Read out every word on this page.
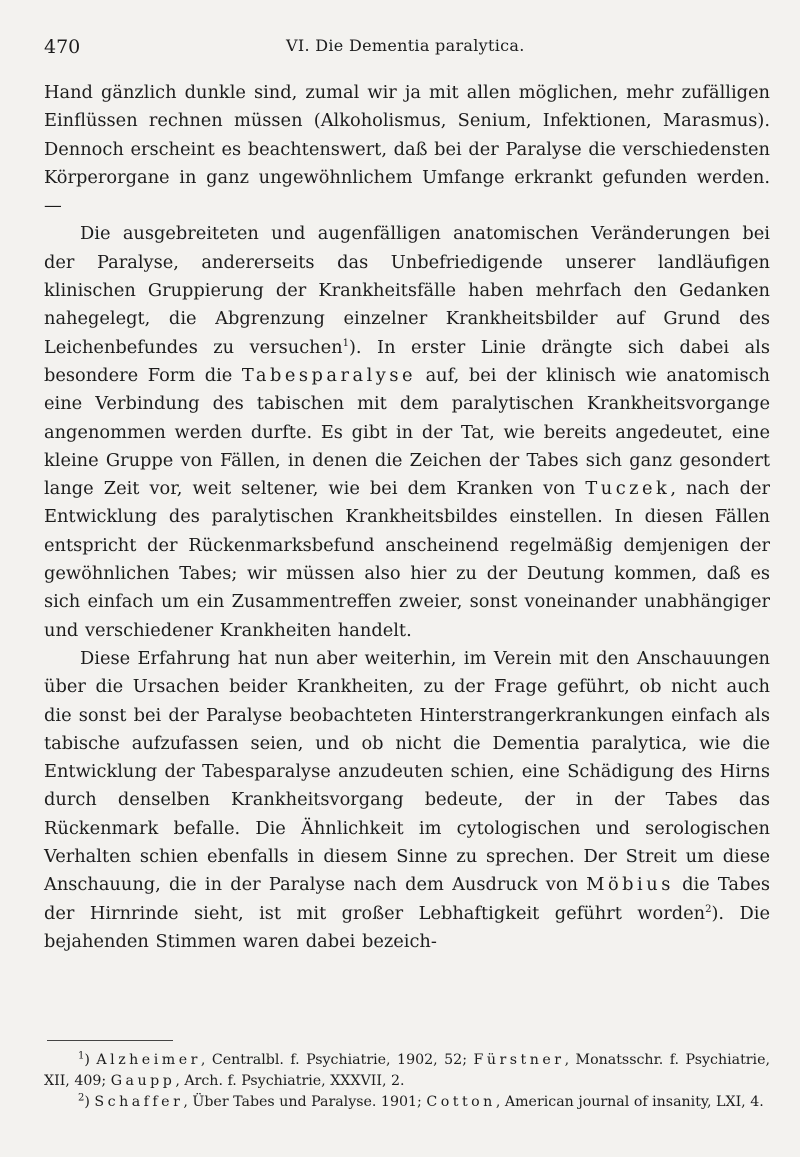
470	VI. Die Dementia paralytica.

Hand gänzlich dunkle sind, zumal wir ja mit allen möglichen, mehr zufälligen Einflüssen rechnen müssen (Alkoholismus, Senium, Infektionen, Marasmus). Dennoch erscheint es beachtenswert, daß bei der Paralyse die verschiedensten Körperorgane in ganz ungewöhnlichem Umfange erkrankt gefunden werden. —

Die ausgebreiteten und augenfälligen anatomischen Veränderungen bei der Paralyse, andererseits das Unbefriedigende unserer landläufigen klinischen Gruppierung der Krankheitsfälle haben mehrfach den Gedanken nahegelegt, die Abgrenzung einzelner Krankheitsbilder auf Grund des Leichenbefundes zu versuchen$^1$). In erster Linie drängte sich dabei als besondere Form die Tabesparalyse auf, bei der klinisch wie anatomisch eine Verbindung des tabischen mit dem paralytischen Krankheitsvorgange angenommen werden durfte. Es gibt in der Tat, wie bereits angedeutet, eine kleine Gruppe von Fällen, in denen die Zeichen der Tabes sich ganz gesondert lange Zeit vor, weit seltener, wie bei dem Kranken von Tuczek, nach der Entwicklung des paralytischen Krankheitsbildes einstellen. In diesen Fällen entspricht der Rückenmarksbefund anscheinend regelmäßig demjenigen der gewöhnlichen Tabes; wir müssen also hier zu der Deutung kommen, daß es sich einfach um ein Zusammentreffen zweier, sonst voneinander unabhängiger und verschiedener Krankheiten handelt.

Diese Erfahrung hat nun aber weiterhin, im Verein mit den Anschauungen über die Ursachen beider Krankheiten, zu der Frage geführt, ob nicht auch die sonst bei der Paralyse beobachteten Hinterstrangerkrankungen einfach als tabische aufzufassen seien, und ob nicht die Dementia paralytica, wie die Entwicklung der Tabesparalyse anzudeuten schien, eine Schädigung des Hirns durch denselben Krankheitsvorgang bedeute, der in der Tabes das Rückenmark befalle. Die Ähnlichkeit im cytologischen und serologischen Verhalten schien ebenfalls in diesem Sinne zu sprechen. Der Streit um diese Anschauung, die in der Paralyse nach dem Ausdruck von Möbius die Tabes der Hirnrinde sieht, ist mit großer Lebhaftigkeit geführt worden$^2$). Die bejahenden Stimmen waren dabei bezeich-

$^1$) Alzheimer, Centralbl. f. Psychiatrie, 1902, 52; Fürstner, Monatsschr. f. Psychiatrie, XII, 409; Gaupp, Arch. f. Psychiatrie, XXXVII, 2.

$^2$) Schaffer, Über Tabes und Paralyse. 1901; Cotton, American journal of insanity, LXI, 4.
